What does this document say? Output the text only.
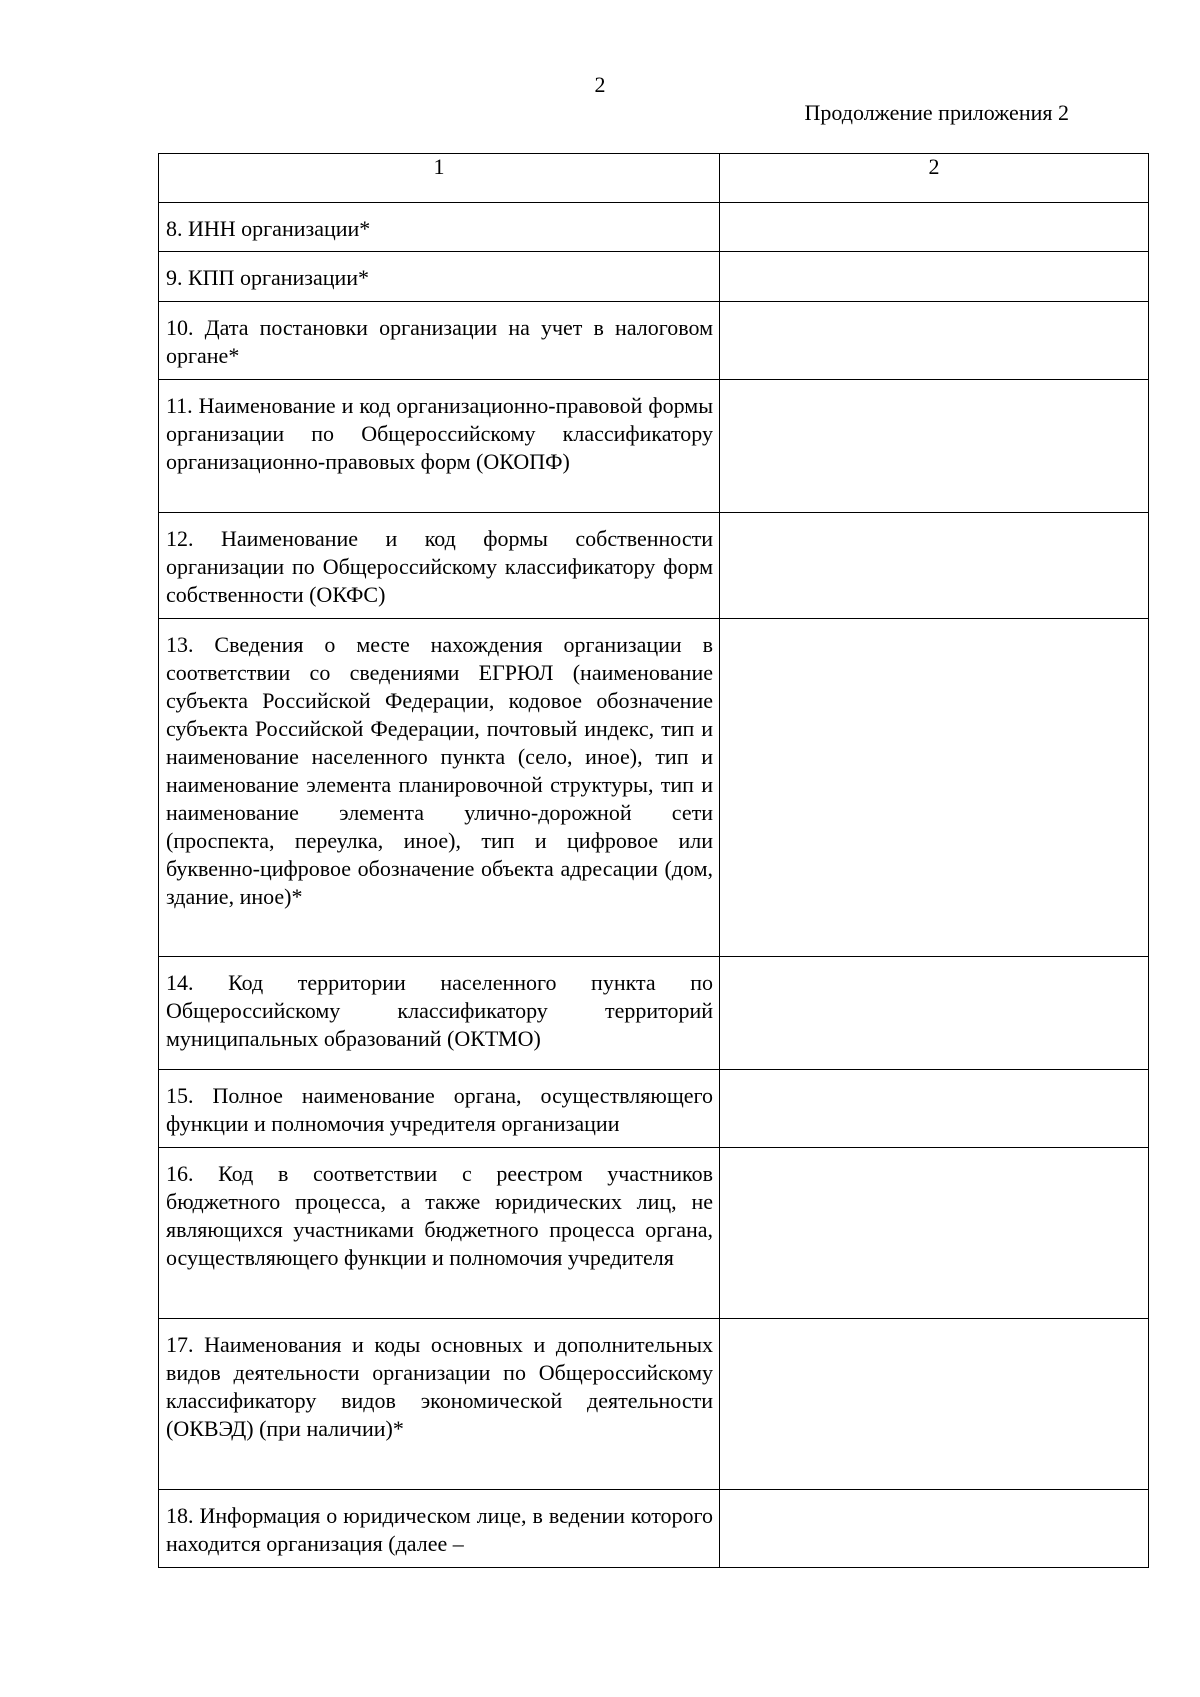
2
Продолжение приложения 2
1	2

8. ИНН организации*	

9. КПП организации*	

10. Дата постановки организации на учет в налоговом органе*	

11. Наименование и код организационно-правовой формы организации по Общероссийскому классификатору организационно-правовых форм (ОКОПФ)	

12. Наименование и код формы собственности организации по Общероссийскому классификатору форм собственности (ОКФС)	

13. Сведения о месте нахождения организации в соответствии со сведениями ЕГРЮЛ (наименование субъекта Российской Федерации, кодовое обозначение субъекта Российской Федерации, почтовый индекс, тип и наименование населенного пункта (село, иное), тип и наименование элемента планировочной структуры, тип и наименование элемента улично-дорожной сети (проспекта, переулка, иное), тип и цифровое или буквенно-цифровое обозначение объекта адресации (дом, здание, иное)*	

14. Код территории населенного пункта по Общероссийскому классификатору территорий муниципальных образований (ОКТМО)	

15. Полное наименование органа, осуществляющего функции и полномочия учредителя организации	

16. Код в соответствии с реестром участников бюджетного процесса, а также юридических лиц, не являющихся участниками бюджетного процесса органа, осуществляющего функции и полномочия учредителя	

17. Наименования и коды основных и дополнительных видов деятельности организации по Общероссийскому классификатору видов экономической деятельности (ОКВЭД) (при наличии)*	

18. Информация о юридическом лице, в ведении которого находится организация (далее –	
